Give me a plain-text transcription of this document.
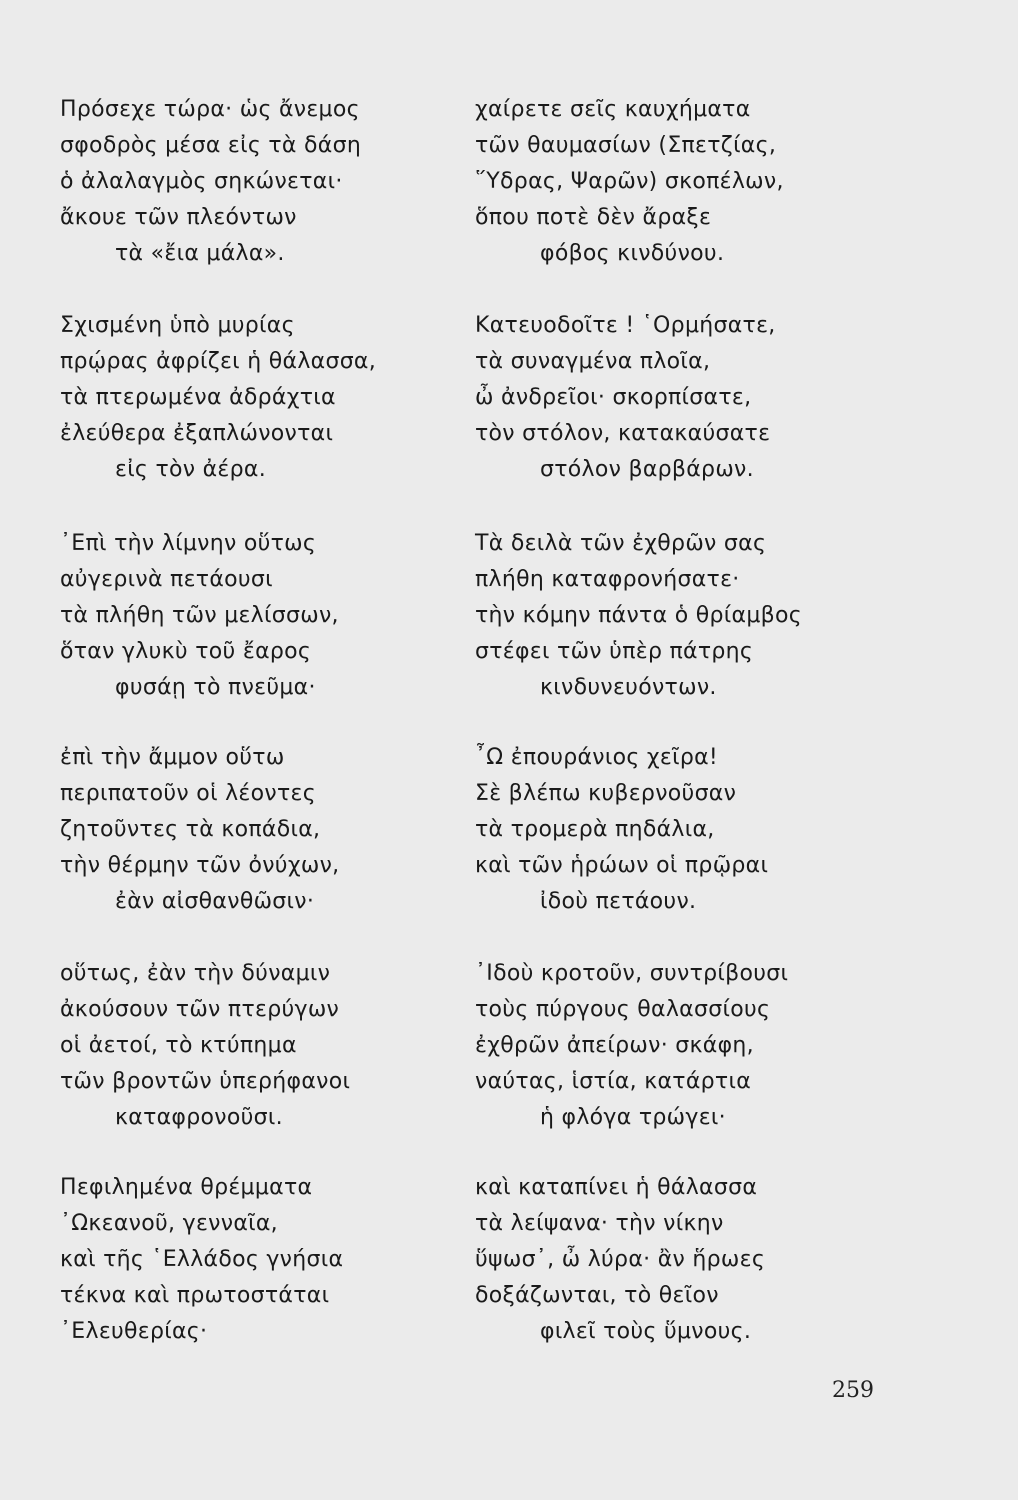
Πρόσεχε τώρα· ὡς ἄνεμος
σφοδρὸς μέσα εἰς τὰ δάση
ὁ ἀλαλαγμὸς σηκώνεται·
ἄκουε τῶν πλεόντων
τὰ «ἔια μάλα».
Σχισμένη ὑπὸ μυρίας
πρῴρας ἀφρίζει ἡ θάλασσα,
τὰ πτερωμένα ἀδράχτια
ἐλεύθερα ἐξαπλώνονται
εἰς τὸν ἀέρα.
᾿Επὶ τὴν λίμνην οὕτως
αὐγερινὰ πετάουσι
τὰ πλήθη τῶν μελίσσων,
ὅταν γλυκὺ τοῦ ἔαρος
φυσάῃ τὸ πνεῦμα·
ἐπὶ τὴν ἄμμον οὕτω
περιπατοῦν οἱ λέοντες
ζητοῦντες τὰ κοπάδια,
τὴν θέρμην τῶν ὀνύχων,
ἐὰν αἰσθανθῶσιν·
οὕτως, ἐὰν τὴν δύναμιν
ἀκούσουν τῶν πτερύγων
οἱ ἀετοί, τὸ κτύπημα
τῶν βροντῶν ὑπερήφανοι
καταφρονοῦσι.
Πεφιλημένα θρέμματα
᾿Ωκεανοῦ, γενναῖα,
καὶ τῆς ῾Ελλάδος γνήσια
τέκνα καὶ πρωτοστάται
᾿Ελευθερίας·
χαίρετε σεῖς καυχήματα
τῶν θαυμασίων (Σπετζίας,
῞Υδρας, Ψαρῶν) σκοπέλων,
ὅπου ποτὲ δὲν ἄραξε
φόβος κινδύνου.
Κατευοδοῖτε ! ῾Ορμήσατε,
τὰ συναγμένα πλοῖα,
ὦ ἀνδρεῖοι· σκορπίσατε,
τὸν στόλον, κατακαύσατε
στόλον βαρβάρων.
Τὰ δειλὰ τῶν ἐχθρῶν σας
πλήθη καταφρονήσατε·
τὴν κόμην πάντα ὁ θρίαμβος
στέφει τῶν ὑπὲρ πάτρης
κινδυνευόντων.
῏Ω ἐπουράνιος χεῖρα!
Σὲ βλέπω κυβερνοῦσαν
τὰ τρομερὰ πηδάλια,
καὶ τῶν ἡρώων οἱ πρῷραι
ἰδοὺ πετάουν.
᾿Ιδοὺ κροτοῦν, συντρίβουσι
τοὺς πύργους θαλασσίους
ἐχθρῶν ἀπείρων· σκάφη,
ναύτας, ἱστία, κατάρτια
ἡ φλόγα τρώγει·
καὶ καταπίνει ἡ θάλασσα
τὰ λείψανα· τὴν νίκην
ὕψωσ᾿, ὦ λύρα· ἂν ἥρωες
δοξάζωνται, τὸ θεῖον
φιλεῖ τοὺς ὕμνους.
259
